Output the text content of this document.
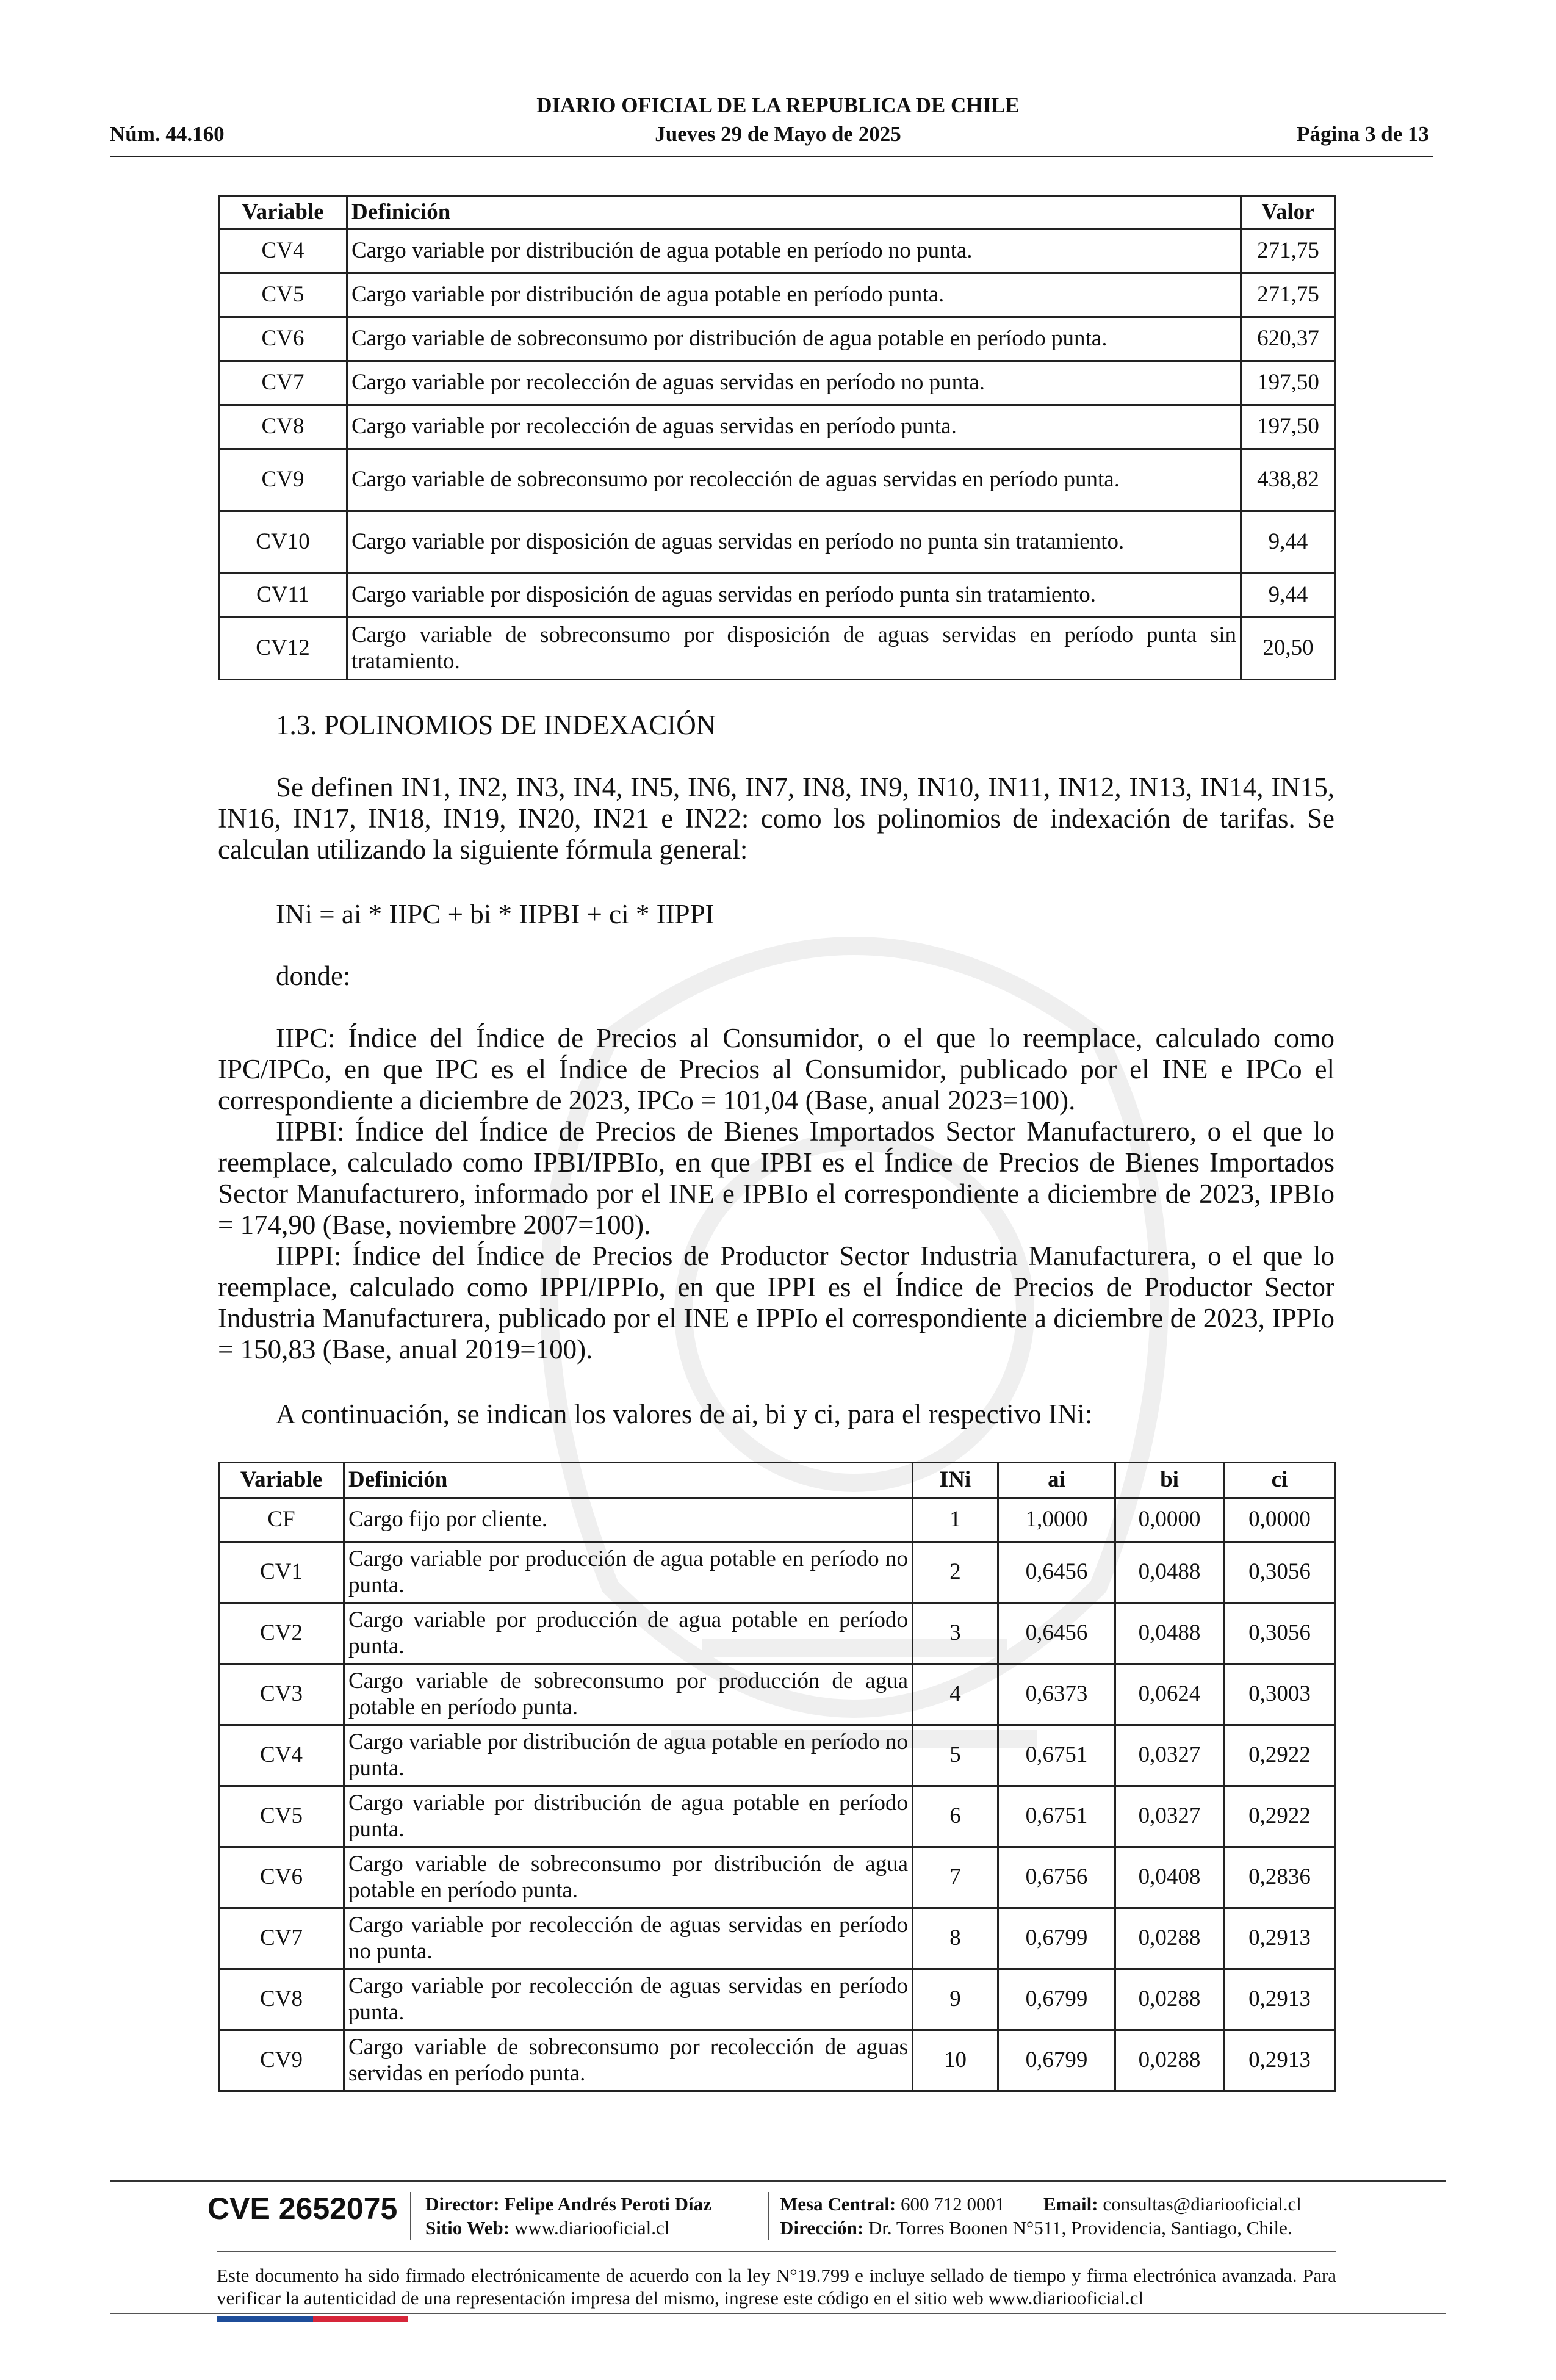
DIARIO OFICIAL DE LA REPUBLICA DE CHILE
Núm. 44.160	Jueves 29 de Mayo de 2025	Página 3 de 13
Variable	Definición	Valor
CV4	Cargo variable por distribución de agua potable en período no punta.	271,75
CV5	Cargo variable por distribución de agua potable en período punta.	271,75
CV6	Cargo variable de sobreconsumo por distribución de agua potable en período punta.	620,37
CV7	Cargo variable por recolección de aguas servidas en período no punta.	197,50
CV8	Cargo variable por recolección de aguas servidas en período punta.	197,50
CV9	Cargo variable de sobreconsumo por recolección de aguas servidas en período punta.	438,82
CV10	Cargo variable por disposición de aguas servidas en período no punta sin tratamiento.	9,44
CV11	Cargo variable por disposición de aguas servidas en período punta sin tratamiento.	9,44
CV12	Cargo variable de sobreconsumo por disposición de aguas servidas en período punta sin tratamiento.	20,50
1.3. POLINOMIOS DE INDEXACIÓN
Se definen IN1, IN2, IN3, IN4, IN5, IN6, IN7, IN8, IN9, IN10, IN11, IN12, IN13, IN14, IN15, IN16, IN17, IN18, IN19, IN20, IN21 e IN22: como los polinomios de indexación de tarifas. Se calculan utilizando la siguiente fórmula general:
INi = ai * IIPC + bi * IIPBI + ci * IIPPI
donde:
IIPC: Índice del Índice de Precios al Consumidor, o el que lo reemplace, calculado como IPC/IPCo, en que IPC es el Índice de Precios al Consumidor, publicado por el INE e IPCo el correspondiente a diciembre de 2023, IPCo = 101,04 (Base, anual 2023=100).
IIPBI: Índice del Índice de Precios de Bienes Importados Sector Manufacturero, o el que lo reemplace, calculado como IPBI/IPBIo, en que IPBI es el Índice de Precios de Bienes Importados Sector Manufacturero, informado por el INE e IPBIo el correspondiente a diciembre de 2023, IPBIo = 174,90 (Base, noviembre 2007=100).
IIPPI: Índice del Índice de Precios de Productor Sector Industria Manufacturera, o el que lo reemplace, calculado como IPPI/IPPIo, en que IPPI es el Índice de Precios de Productor Sector Industria Manufacturera, publicado por el INE e IPPIo el correspondiente a diciembre de 2023, IPPIo = 150,83 (Base, anual 2019=100).
A continuación, se indican los valores de ai, bi y ci, para el respectivo INi:
Variable	Definición	INi	ai	bi	ci
CF	Cargo fijo por cliente.	1	1,0000	0,0000	0,0000
CV1	Cargo variable por producción de agua potable en período no punta.	2	0,6456	0,0488	0,3056
CV2	Cargo variable por producción de agua potable en período punta.	3	0,6456	0,0488	0,3056
CV3	Cargo variable de sobreconsumo por producción de agua potable en período punta.	4	0,6373	0,0624	0,3003
CV4	Cargo variable por distribución de agua potable en período no punta.	5	0,6751	0,0327	0,2922
CV5	Cargo variable por distribución de agua potable en período punta.	6	0,6751	0,0327	0,2922
CV6	Cargo variable de sobreconsumo por distribución de agua potable en período punta.	7	0,6756	0,0408	0,2836
CV7	Cargo variable por recolección de aguas servidas en período no punta.	8	0,6799	0,0288	0,2913
CV8	Cargo variable por recolección de aguas servidas en período punta.	9	0,6799	0,0288	0,2913
CV9	Cargo variable de sobreconsumo por recolección de aguas servidas en período punta.	10	0,6799	0,0288	0,2913
CVE 2652075 Director: Felipe Andrés Peroti Díaz
Sitio Web: www.diariooficial.cl
Mesa Central: 600 712 0001 Email: consultas@diariooficial.cl
Dirección: Dr. Torres Boonen N°511, Providencia, Santiago, Chile.
Este documento ha sido firmado electrónicamente de acuerdo con la ley N°19.799 e incluye sellado de tiempo y firma electrónica avanzada. Para verificar la autenticidad de una representación impresa del mismo, ingrese este código en el sitio web www.diariooficial.cl
